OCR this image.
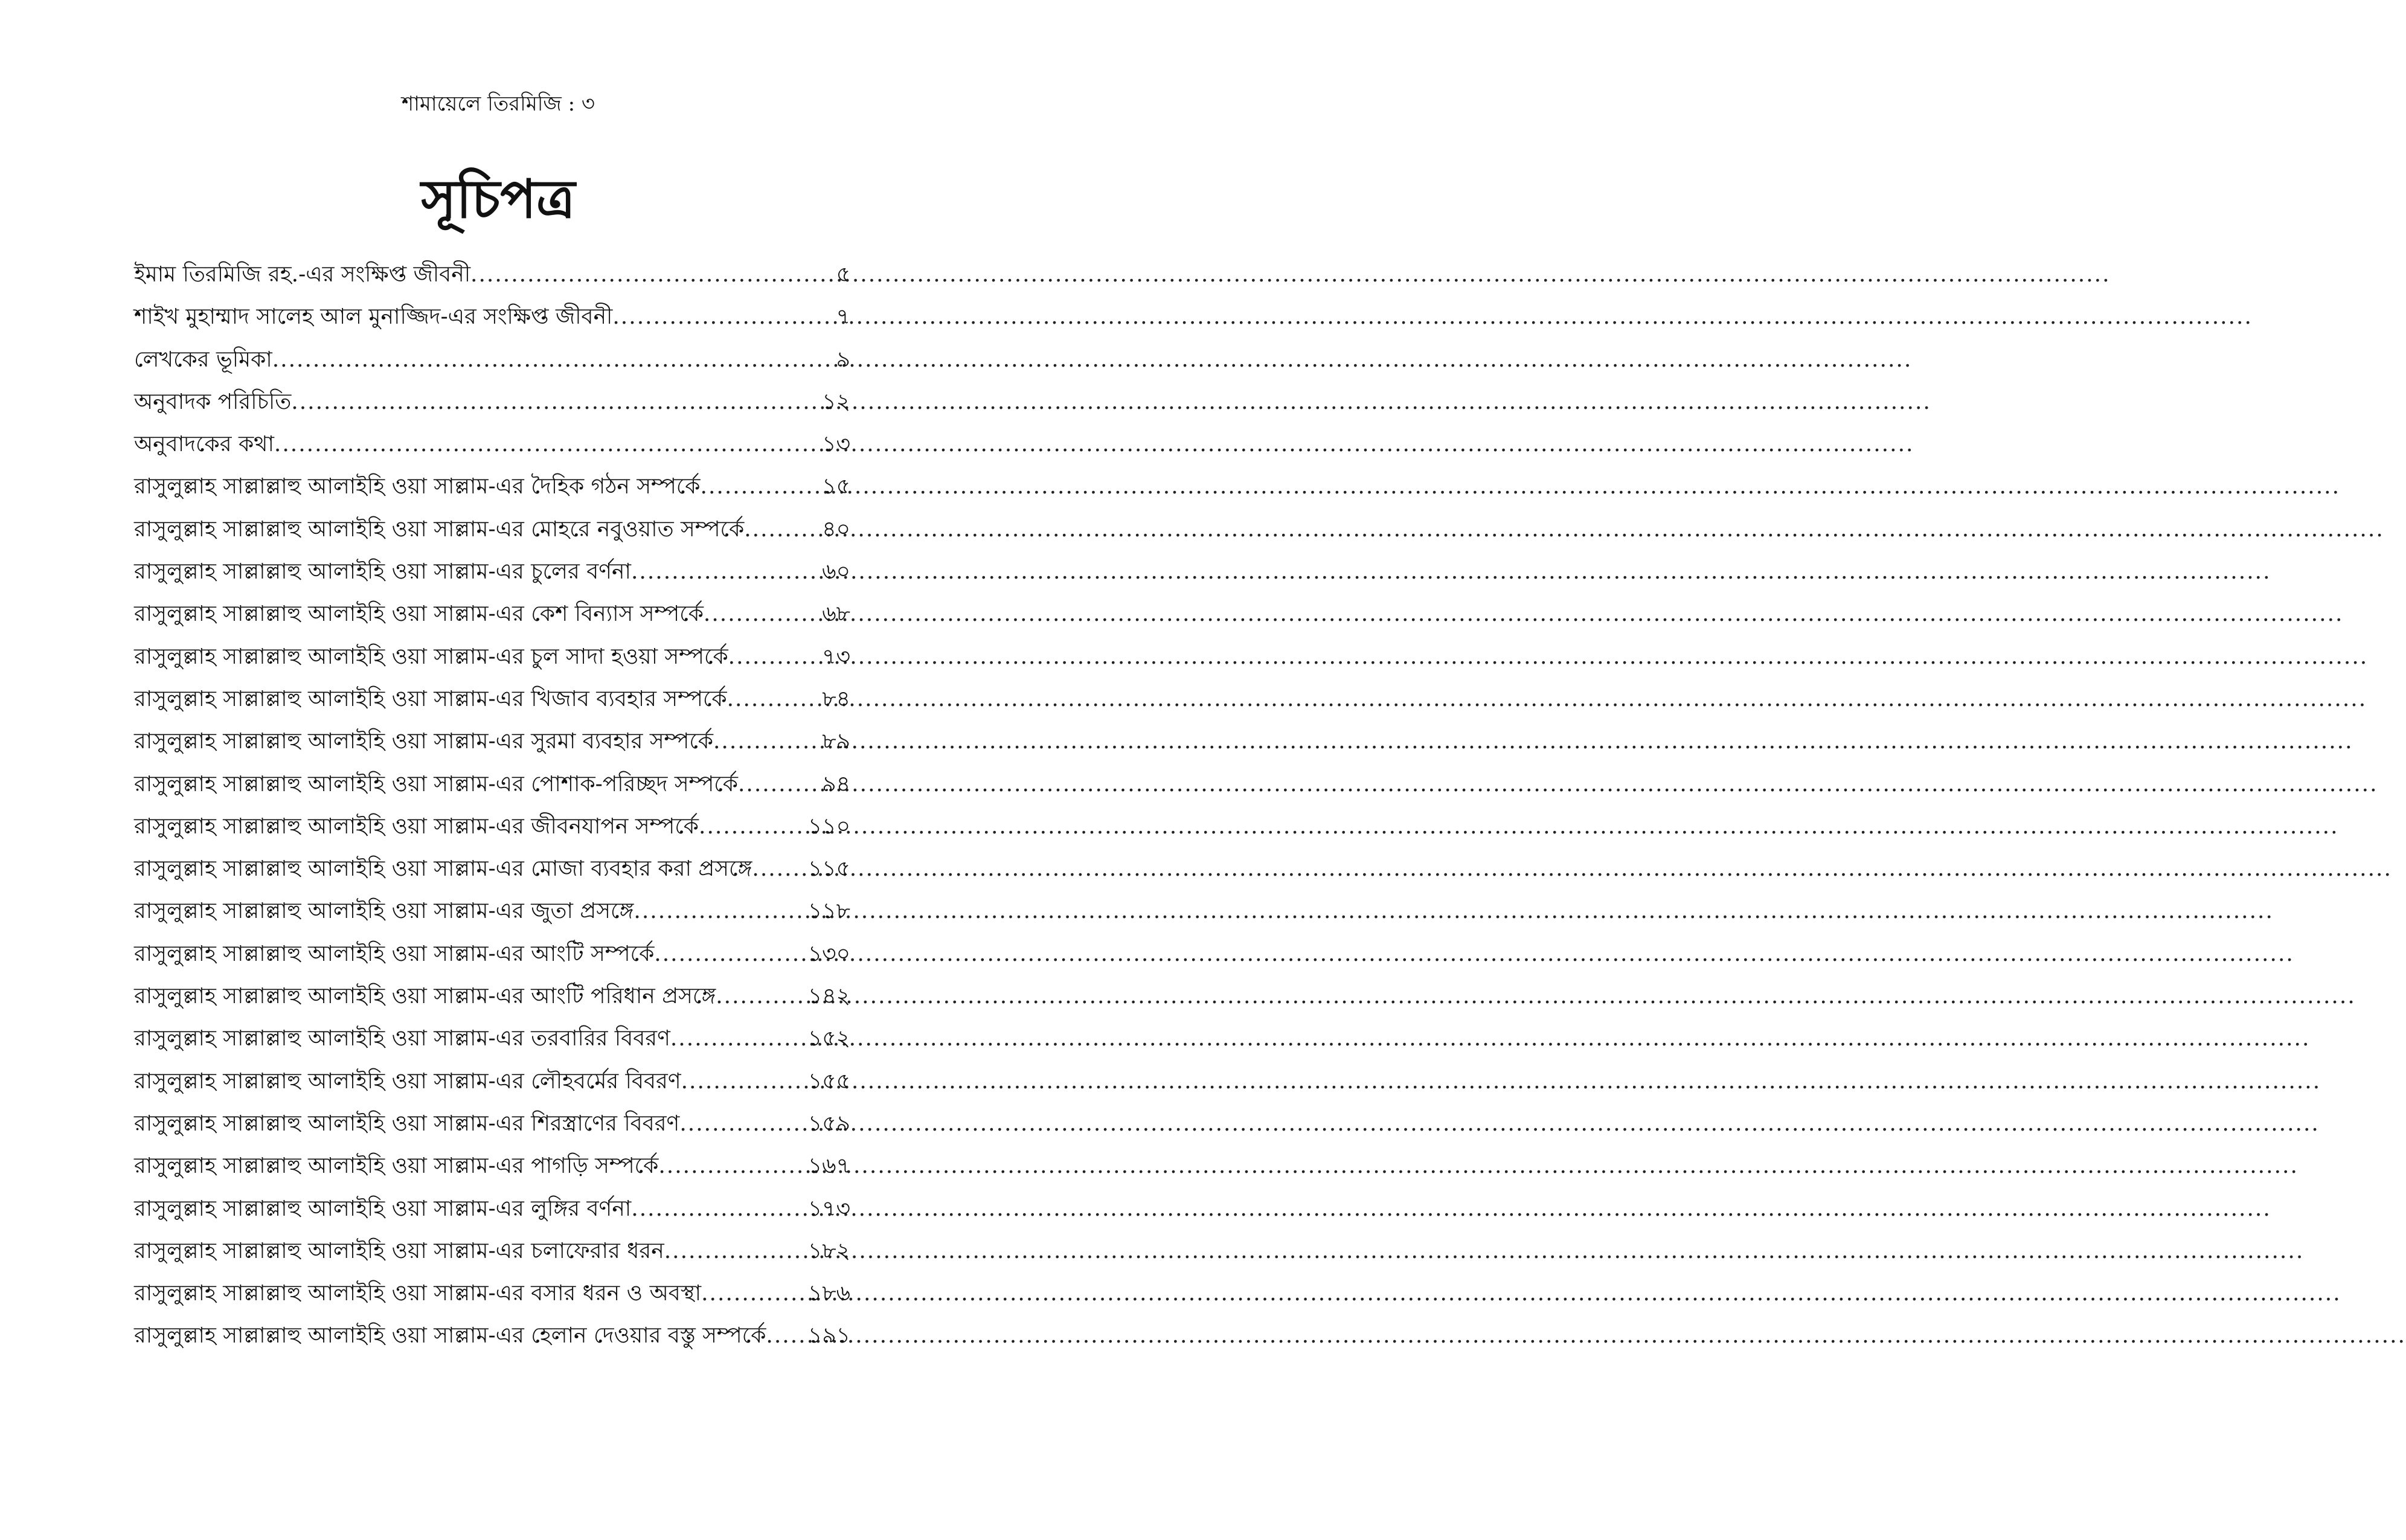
শামায়েলে তিরমিজি : ৩
সূচিপত্র
ইমাম তিরমিজি রহ.-এর সংক্ষিপ্ত জীবনী .....	৫
শাইখ মুহাম্মাদ সালেহ আল মুনাজ্জিদ-এর সংক্ষিপ্ত জীবনী .....	৭
লেখকের ভূমিকা .....	৯
অনুবাদক পরিচিতি .....	১২
অনুবাদকের কথা .....	১৩
রাসুলুল্লাহ সাল্লাল্লাহু আলাইহি ওয়া সাল্লাম-এর দৈহিক গঠন সম্পর্কে .....	১৫
রাসুলুল্লাহ সাল্লাল্লাহু আলাইহি ওয়া সাল্লাম-এর মোহরে নবুওয়াত সম্পর্কে .....	৪০
রাসুলুল্লাহ সাল্লাল্লাহু আলাইহি ওয়া সাল্লাম-এর চুলের বর্ণনা .....	৬০
রাসুলুল্লাহ সাল্লাল্লাহু আলাইহি ওয়া সাল্লাম-এর কেশ বিন্যাস সম্পর্কে .....	৬৮
রাসুলুল্লাহ সাল্লাল্লাহু আলাইহি ওয়া সাল্লাম-এর চুল সাদা হওয়া সম্পর্কে .....	৭৩
রাসুলুল্লাহ সাল্লাল্লাহু আলাইহি ওয়া সাল্লাম-এর খিজাব ব্যবহার সম্পর্কে .....	৮৪
রাসুলুল্লাহ সাল্লাল্লাহু আলাইহি ওয়া সাল্লাম-এর সুরমা ব্যবহার সম্পর্কে .....	৮৯
রাসুলুল্লাহ সাল্লাল্লাহু আলাইহি ওয়া সাল্লাম-এর পোশাক-পরিচ্ছদ সম্পর্কে .....	৯৪
রাসুলুল্লাহ সাল্লাল্লাহু আলাইহি ওয়া সাল্লাম-এর জীবনযাপন সম্পর্কে .....	১১০
রাসুলুল্লাহ সাল্লাল্লাহু আলাইহি ওয়া সাল্লাম-এর মোজা ব্যবহার করা প্রসঙ্গে .....	১১৫
রাসুলুল্লাহ সাল্লাল্লাহু আলাইহি ওয়া সাল্লাম-এর জুতা প্রসঙ্গে .....	১১৮
রাসুলুল্লাহ সাল্লাল্লাহু আলাইহি ওয়া সাল্লাম-এর আংটি সম্পর্কে .....	১৩০
রাসুলুল্লাহ সাল্লাল্লাহু আলাইহি ওয়া সাল্লাম-এর আংটি পরিধান প্রসঙ্গে .....	১৪২
রাসুলুল্লাহ সাল্লাল্লাহু আলাইহি ওয়া সাল্লাম-এর তরবারির বিবরণ .....	১৫২
রাসুলুল্লাহ সাল্লাল্লাহু আলাইহি ওয়া সাল্লাম-এর লৌহবর্মের বিবরণ .....	১৫৫
রাসুলুল্লাহ সাল্লাল্লাহু আলাইহি ওয়া সাল্লাম-এর শিরস্ত্রাণের বিবরণ .....	১৫৯
রাসুলুল্লাহ সাল্লাল্লাহু আলাইহি ওয়া সাল্লাম-এর পাগড়ি সম্পর্কে .....	১৬৭
রাসুলুল্লাহ সাল্লাল্লাহু আলাইহি ওয়া সাল্লাম-এর লুঙ্গির বর্ণনা .....	১৭৩
রাসুলুল্লাহ সাল্লাল্লাহু আলাইহি ওয়া সাল্লাম-এর চলাফেরার ধরন .....	১৮২
রাসুলুল্লাহ সাল্লাল্লাহু আলাইহি ওয়া সাল্লাম-এর বসার ধরন ও অবস্থা .....	১৮৬
রাসুলুল্লাহ সাল্লাল্লাহু আলাইহি ওয়া সাল্লাম-এর হেলান দেওয়ার বস্তু সম্পর্কে ..... ১৯১
